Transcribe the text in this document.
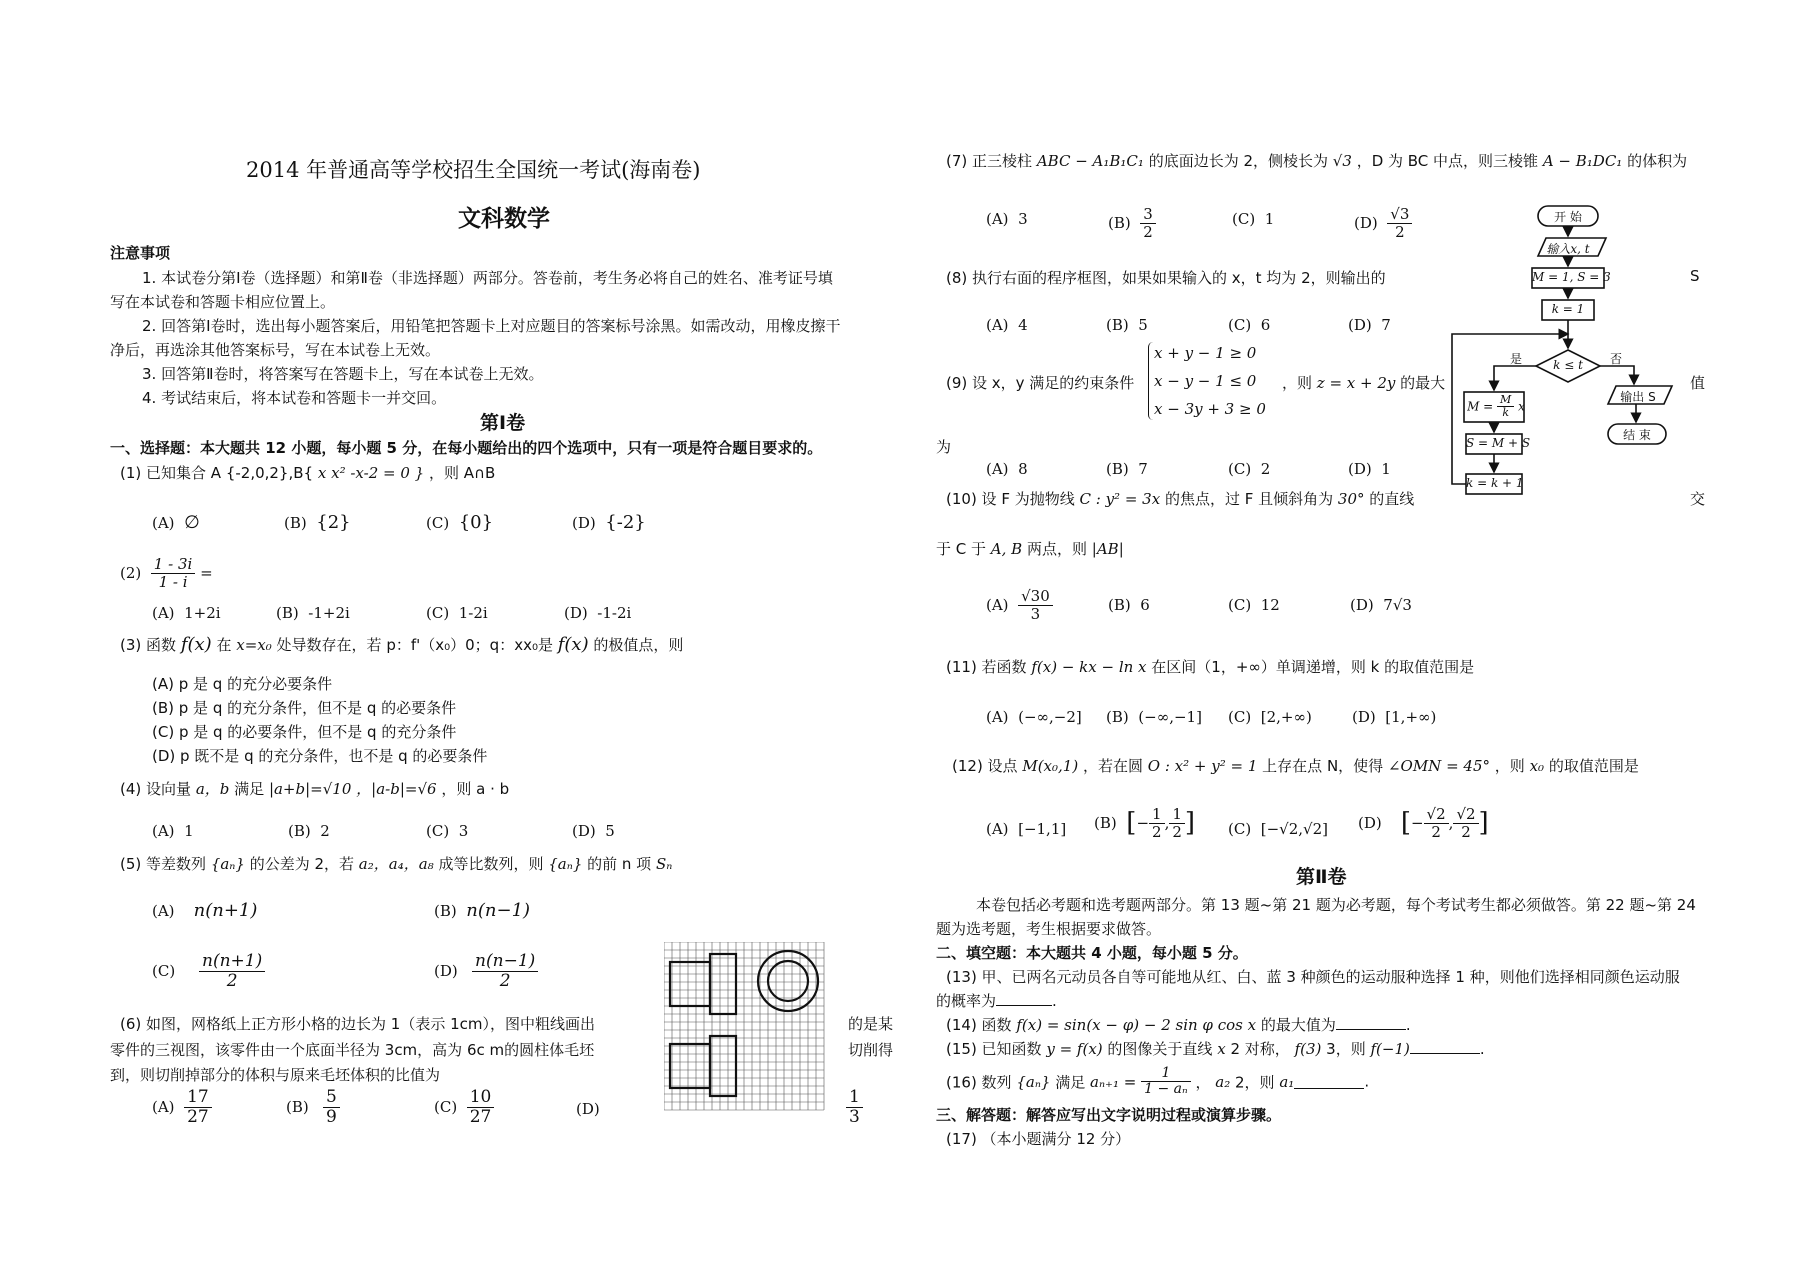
2014 年普通高等学校招生全国统一考试(海南卷)
文科数学
注意事项
1. 本试卷分第Ⅰ卷（选择题）和第Ⅱ卷（非选择题）两部分。答卷前，考生务必将自己的姓名、准考证号填
写在本试卷和答题卡相应位置上。
2. 回答第Ⅰ卷时，选出每小题答案后，用铅笔把答题卡上对应题目的答案标号涂黑。如需改动，用橡皮擦干
净后，再选涂其他答案标号，写在本试卷上无效。
3. 回答第Ⅱ卷时，将答案写在答题卡上，写在本试卷上无效。
4. 考试结束后，将本试卷和答题卡一并交回。
第Ⅰ卷
一、选择题：本大题共 12 小题，每小题 5 分，在每小题给出的四个选项中，只有一项是符合题目要求的。
(1) 已知集合 A {-2,0,2},B{ x x² -x-2 = 0 } ，则 A∩B
(A) ∅	(B) {2}	(C) {0}	(D) {-2}
$(2) \frac{1 - 3i}{1 - i}$ =
(A) 1+2i	(B) -1+2i	(C) 1-2i	(D) -1-2i
(3) 函数 f(x) 在 x=x₀ 处导数存在，若 p：f'（x₀）0；q：xx₀是 f(x) 的极值点，则
(A) p 是 q 的充分必要条件
(B) p 是 q 的充分条件，但不是 q 的必要条件
(C) p 是 q 的必要条件，但不是 q 的充分条件
(D) p 既不是 q 的充分条件，也不是 q 的必要条件
(4) 设向量 a，b 满足 |a+b|=√10 ，|a-b|=√6 ，则 a · b
(A) 1	(B) 2	(C) 3	(D) 5
(5) 等差数列 {aₙ} 的公差为 2，若 a₂，a₄，a₈ 成等比数列，则 {aₙ} 的前 n 项 Sₙ
(A) n(n+1)	(B) n(n−1)
$(C) \frac{n(n+1)}{2}$	$(D) \frac{n(n-1)}{2}$
(6) 如图，网格纸上正方形小格的边长为 1（表示 1cm），图中粗线画出	的是某
零件的三视图，该零件由一个底面半径为 3cm，高为 6c m的圆柱体毛坯	切削得
到，则切削掉部分的体积与原来毛坯体积的比值为
$(A) \frac{17}{27}$	$(B) \frac{5}{9}$	$(C) \frac{10}{27}$	(D)	$\frac{1}{3}$
(7) 正三棱柱 ABC − A₁B₁C₁ 的底面边长为 2，侧棱长为 √3 ，D 为 BC 中点，则三棱锥 A − B₁DC₁ 的体积为
(A) 3	$(B) \frac{3}{2}$	(C) 1	$(D) \frac{√3}{2}$
(8) 执行右面的程序框图，如果如果输入的 x，t 均为 2，则输出的	S
(A) 4	(B) 5	(C) 6	(D) 7
(9) 设 x，y 满足的约束条件
x + y − 1 ≥ 0
x − y − 1 ≤ 0
x − 3y + 3 ≥ 0
，则 z = x + 2y 的最大	值
为
(A) 8	(B) 7	(C) 2	(D) 1
(10) 设 F 为抛物线 C : y² = 3x 的焦点，过 F 且倾斜角为 30° 的直线	交
于 C 于 A, B 两点，则 |AB|
$(A) \frac{√30}{3}$	(B) 6	(C) 12	(D) 7√3
(11) 若函数 f(x) − kx − ln x 在区间（1，+∞）单调递增，则 k 的取值范围是
(A) (−∞,−2] (B) (−∞,−1] (C) [2,+∞)	(D) [1,+∞)
(12) 设点 M(x₀,1) ，若在圆 O : x² + y² = 1 上存在点 N，使得 ∠OMN = 45° ，则 x₀ 的取值范围是
(A) [−1,1] (B) [− $\frac{1}{2}$ , $\frac{1}{2}$ ] (C) [−√2,√2] (D) [− $\frac{√2}{2}$ , $\frac{√2}{2}$ ]
第Ⅱ卷
本卷包括必考题和选考题两部分。第 13 题~第 21 题为必考题，每个考试考生都必须做答。第 22 题~第 24
题为选考题，考生根据要求做答。
二、填空题：本大题共 4 小题，每小题 5 分。
(13) 甲、已两名元动员各自等可能地从红、白、蓝 3 种颜色的运动服种选择 1 种，则他们选择相同颜色运动服
的概率为	.
(14) 函数 f(x) = sin(x − φ) − 2 sin φ cos x 的最大值为	.
(15) 已知函数 y = f(x) 的图像关于直线 x 2 对称， f(3) 3，则 f(−1)	.
(16) 数列 {aₙ} 满足 $a_{n+1} = \frac{1}{\text{1 − aₙ}}$ ， a₂ 2，则 a₁	.
三、解答题：解答应写出文字说明过程或演算步骤。
(17) （本小题满分 12 分）
开 始
输入x, t
M = 1, S = 3
k = 1
k ≤ t
是	否
$M = \frac{M}{k}$ x
S = M + S
k = k + 1
输出 S
结 束
